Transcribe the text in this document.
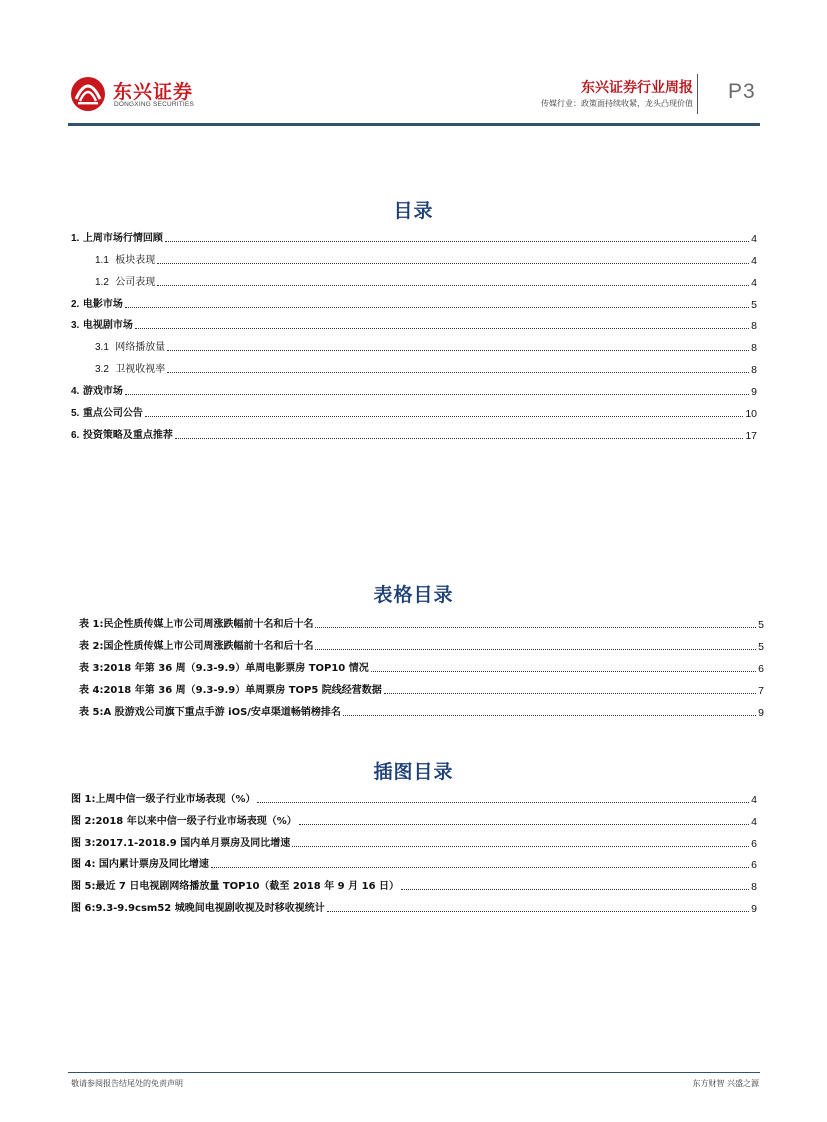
东兴证券
DONGXING SECURITIES
东兴证券行业周报
传媒行业：政策面持续收紧，龙头凸现价值
P3
目录
1. 上周市场行情回顾	4
1.1 板块表现	4
1.2 公司表现	4
2. 电影市场	5
3. 电视剧市场	8
3.1 网络播放量	8
3.2 卫视收视率	8
4. 游戏市场	9
5. 重点公司公告	10
6. 投资策略及重点推荐	17
表格目录
表 1:民企性质传媒上市公司周涨跌幅前十名和后十名	5
表 2:国企性质传媒上市公司周涨跌幅前十名和后十名	5
表 3:2018 年第 36 周（9.3-9.9）单周电影票房 TOP10 情况	6
表 4:2018 年第 36 周（9.3-9.9）单周票房 TOP5 院线经营数据	7
表 5:A 股游戏公司旗下重点手游 iOS/安卓渠道畅销榜排名	9
插图目录
图 1:上周中信一级子行业市场表现（%）	4
图 2:2018 年以来中信一级子行业市场表现（%）	4
图 3:2017.1-2018.9 国内单月票房及同比增速	6
图 4: 国内累计票房及同比增速	6
图 5:最近 7 日电视剧网络播放量 TOP10（截至 2018 年 9 月 16 日）	8
图 6:9.3-9.9csm52 城晚间电视剧收视及时移收视统计	9
敬请参阅报告结尾处的免责声明	东方财智 兴盛之源
